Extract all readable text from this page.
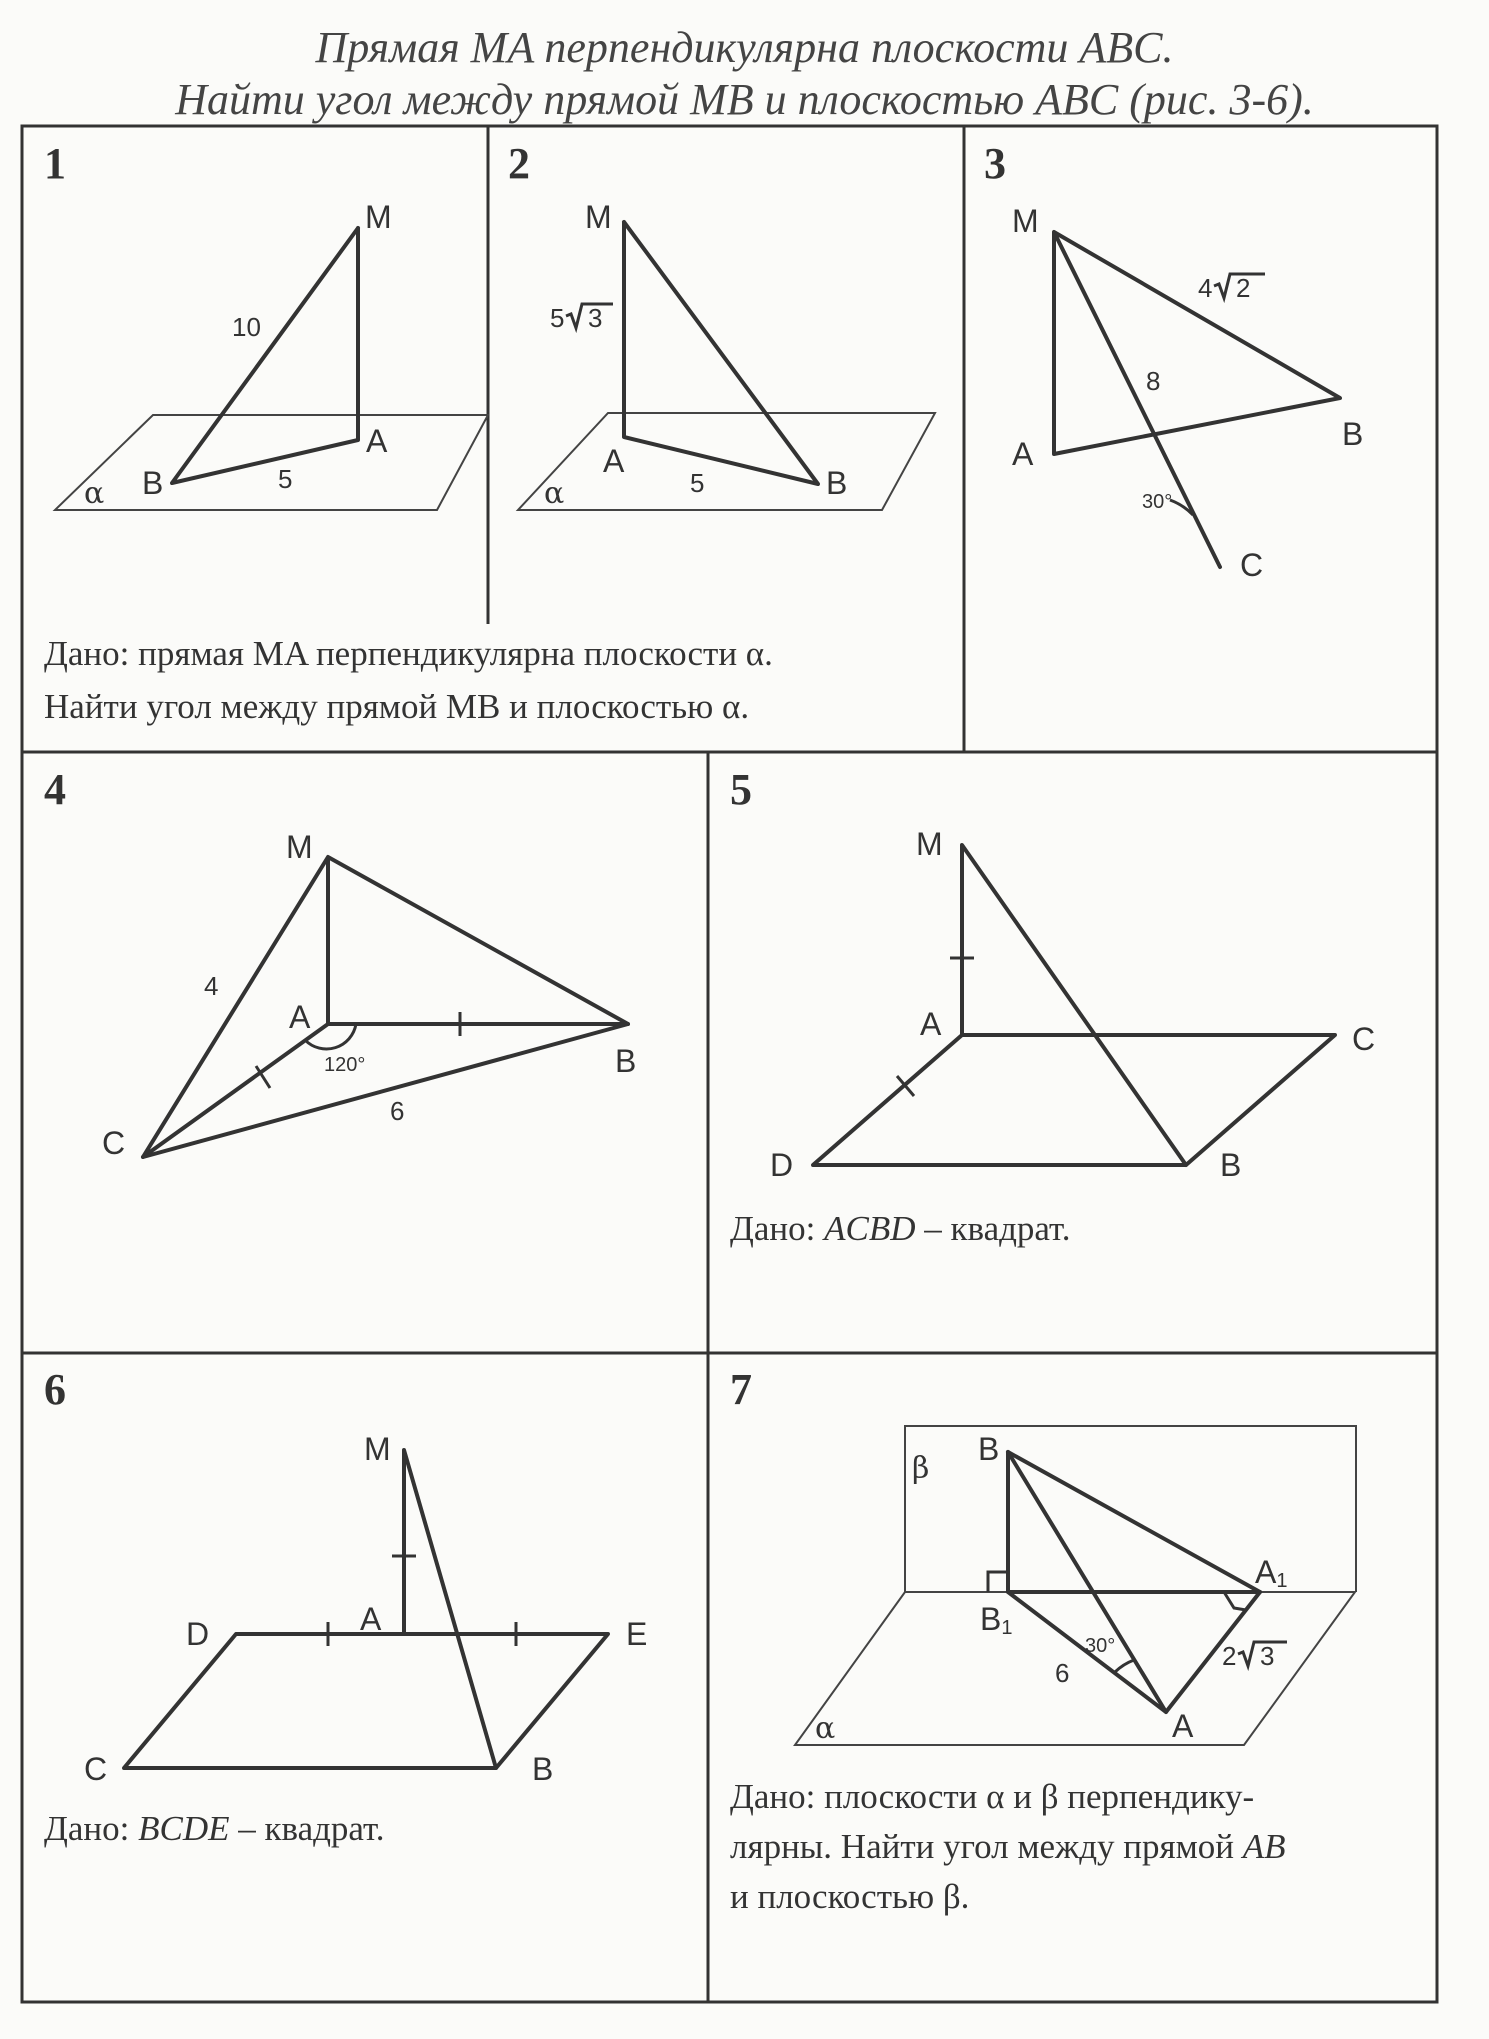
Прямая MA перпендикулярна плоскости ABC.
Найти угол между прямой MB и плоскостью ABC (рис. 3-6).
1
M
A
B
α
10
5
2
M
A
B
α
5 3
5
Дано: прямая MA перпендикулярна плоскости α.
Найти угол между прямой MB и плоскостью α.
3
M
A
B
C
4 2
8
30°
4
M
A
B
C
4
6
120°
5
M
A	C
B
D
Дано: ACBD – квадрат.
6
M
A
D	E
C	B
Дано: BCDE – квадрат.
7
β
α
B
B1
A1
A
6
30°	2 3
Дано: плоскости α и β перпендику-
лярны. Найти угол между прямой AB
и плоскостью β.
